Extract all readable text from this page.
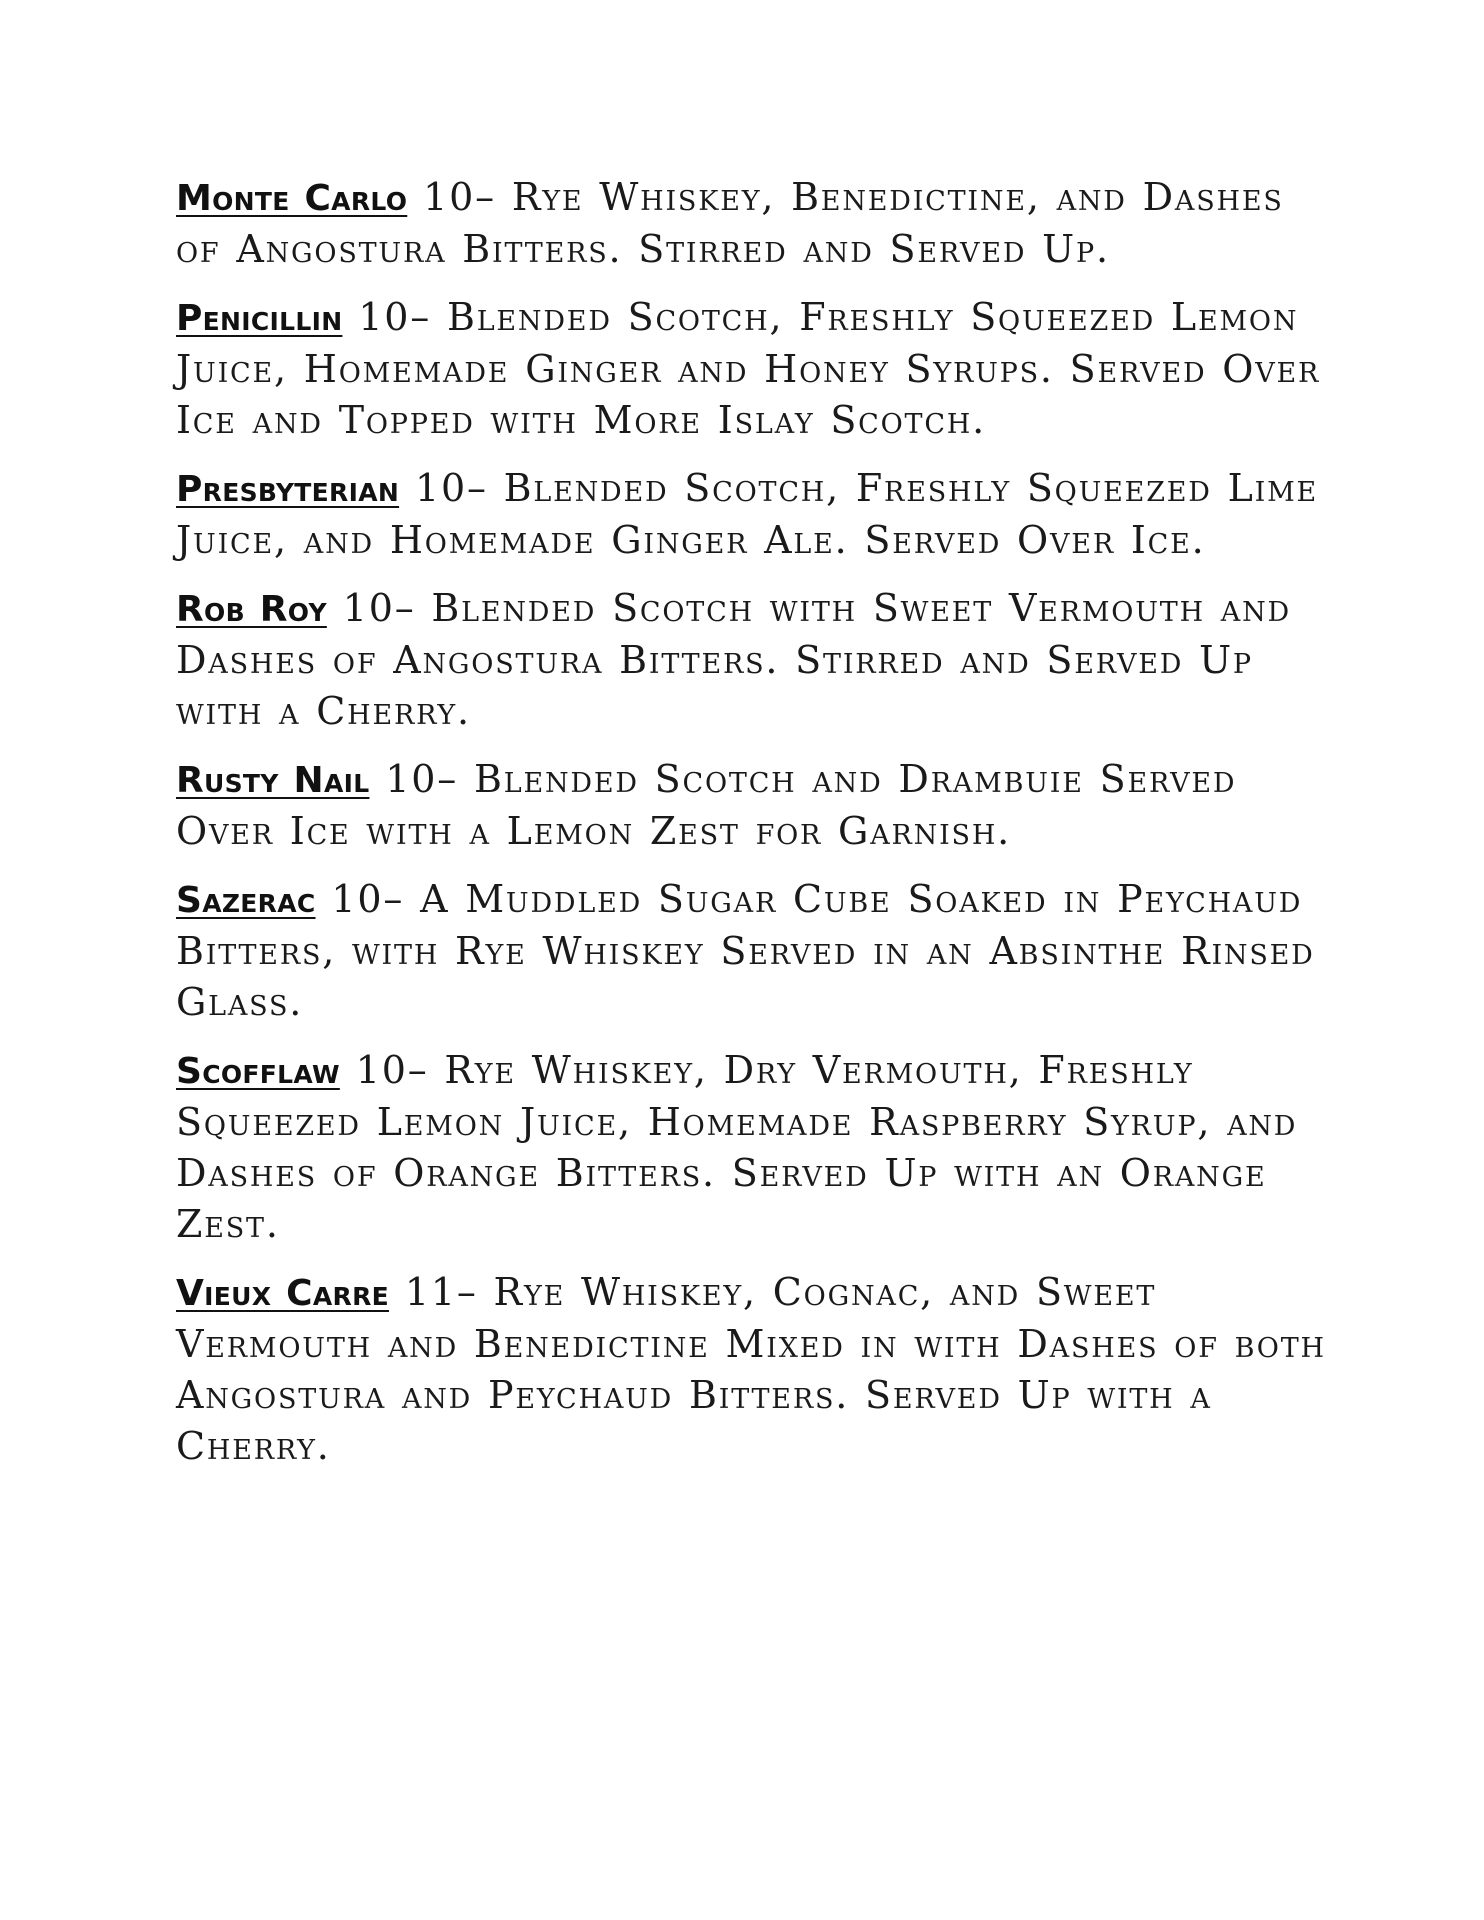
Monte Carlo 10– Rye Whiskey, Benedictine, and Dashes of Angostura Bitters. Stirred and Served Up.

Penicillin 10– Blended Scotch, Freshly Squeezed Lemon Juice, Homemade Ginger and Honey Syrups. Served Over Ice and Topped with More Islay Scotch.

Presbyterian 10– Blended Scotch, Freshly Squeezed Lime Juice, and Homemade Ginger Ale. Served Over Ice.

Rob Roy 10– Blended Scotch with Sweet Vermouth and Dashes of Angostura Bitters. Stirred and Served Up with a Cherry.

Rusty Nail 10– Blended Scotch and Drambuie Served Over Ice with a Lemon Zest for Garnish.

Sazerac 10– A Muddled Sugar Cube Soaked in Peychaud Bitters, with Rye Whiskey Served in an Absinthe Rinsed Glass.

Scofflaw 10– Rye Whiskey, Dry Vermouth, Freshly Squeezed Lemon Juice, Homemade Raspberry Syrup, and Dashes of Orange Bitters. Served Up with an Orange Zest.

Vieux Carre 11– Rye Whiskey, Cognac, and Sweet Vermouth and Benedictine Mixed in with Dashes of both Angostura and Peychaud Bitters. Served Up with a Cherry.
